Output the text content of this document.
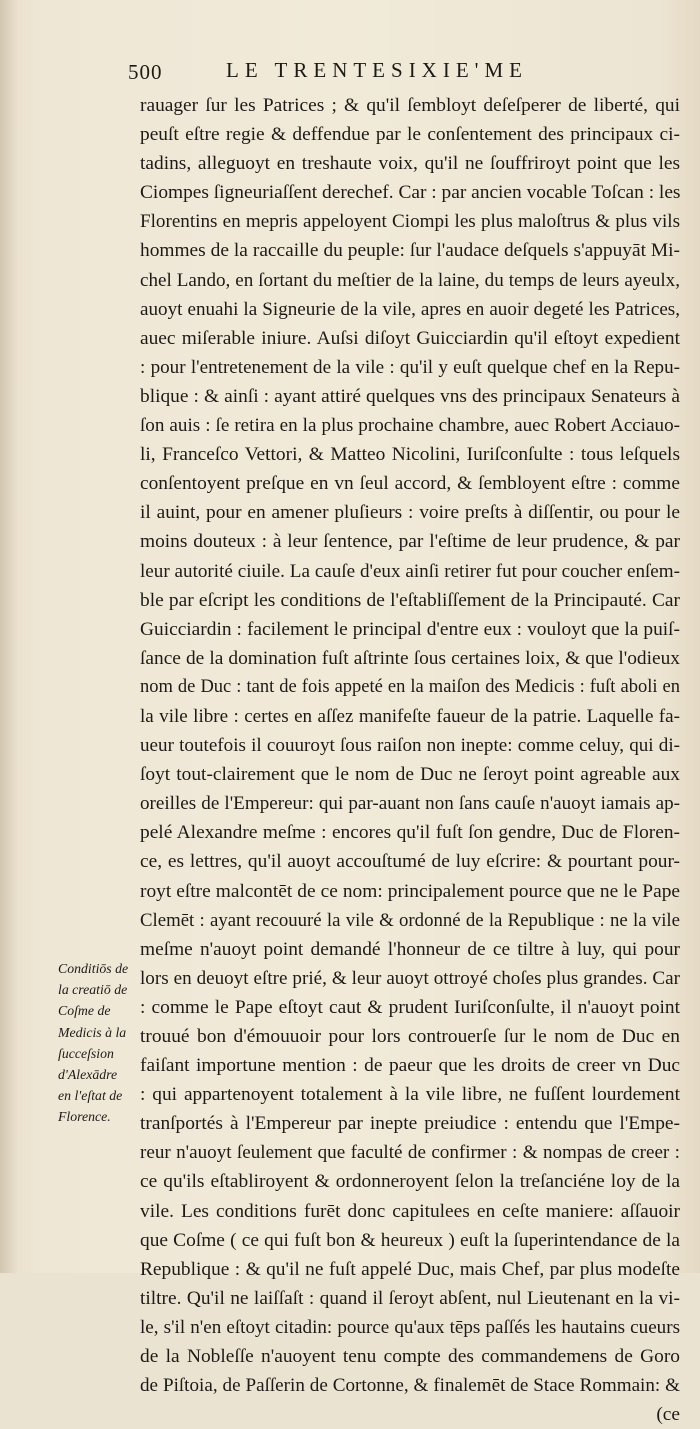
500	LE TRENTESIXIE'ME
rauager ſur les Patrices ; & qu'il ſembloyt deſeſperer de liberté, qui
peuſt eſtre regie & deffendue par le conſentement des principaux ci-
tadins, alleguoyt en treshaute voix, qu'il ne ſouffriroyt point que les
Ciompes ſigneuriaſſent derechef. Car : par ancien vocable Toſcan : les
Florentins en mepris appeloyent Ciompi les plus maloſtrus & plus vils
hommes de la raccaille du peuple: ſur l'audace deſquels s'appuyāt Mi-
chel Lando, en ſortant du meſtier de la laine, du temps de leurs ayeulx,
auoyt enuahi la Signeurie de la vile, apres en auoir degeté les Patrices,
auec miſerable iniure. Auſsi diſoyt Guicciardin qu'il eſtoyt expedient
: pour l'entretenement de la vile : qu'il y euſt quelque chef en la Repu-
blique : & ainſi : ayant attiré quelques vns des principaux Senateurs à
ſon auis : ſe retira en la plus prochaine chambre, auec Robert Acciauo-
li, Franceſco Vettori, & Matteo Nicolini, Iuriſconſulte : tous leſquels
conſentoyent preſque en vn ſeul accord, & ſembloyent eſtre : comme
il auint, pour en amener pluſieurs : voire preſts à diſſentir, ou pour le
moins douteux : à leur ſentence, par l'eſtime de leur prudence, & par
leur autorité ciuile. La cauſe d'eux ainſi retirer fut pour coucher enſem-
ble par eſcript les conditions de l'eſtabliſſement de la Principauté. Car
Guicciardin : facilement le principal d'entre eux : vouloyt que la puiſ-
ſance de la domination fuſt aſtrinte ſous certaines loix, & que l'odieux
nom de Duc : tant de fois appeté en la maiſon des Medicis : fuſt aboli en
la vile libre : certes en aſſez manifeſte faueur de la patrie. Laquelle fa-
ueur toutefois il couuroyt ſous raiſon non inepte: comme celuy, qui di-
ſoyt tout-clairement que le nom de Duc ne ſeroyt point agreable aux
oreilles de l'Empereur: qui par-auant non ſans cauſe n'auoyt iamais ap-
pelé Alexandre meſme : encores qu'il fuſt ſon gendre, Duc de Floren-
ce, es lettres, qu'il auoyt accouſtumé de luy eſcrire: & pourtant pour-
royt eſtre malcontēt de ce nom: principalement pource que ne le Pape
Clemēt : ayant recouuré la vile & ordonné de la Republique : ne la vile
meſme n'auoyt point demandé l'honneur de ce tiltre à luy, qui pour
lors en deuoyt eſtre prié, & leur auoyt ottroyé choſes plus grandes. Car
: comme le Pape eſtoyt caut & prudent Iuriſconſulte, il n'auoyt point
trouué bon d'émouuoir pour lors controuerſe ſur le nom de Duc en
faiſant importune mention : de paeur que les droits de creer vn Duc
: qui appartenoyent totalement à la vile libre, ne fuſſent lourdement
tranſportés à l'Empereur par inepte preiudice : entendu que l'Empe-
reur n'auoyt ſeulement que faculté de confirmer : & nompas de creer :
ce qu'ils eſtabliroyent & ordonneroyent ſelon la treſanciéne loy de la
vile. Les conditions furēt donc capitulees en ceſte maniere: aſſauoir
que Coſme ( ce qui fuſt bon & heureux ) euſt la ſuperintendance de la
Republique : & qu'il ne fuſt appelé Duc, mais Chef, par plus modeſte
tiltre. Qu'il ne laiſſaſt : quand il ſeroyt abſent, nul Lieutenant en la vi-
le, s'il n'en eſtoyt citadin: pource qu'aux tēps paſſés les hautains cueurs
de la Nobleſſe n'auoyent tenu compte des commandemens de Goro
de Piſtoia, de Paſſerin de Cortonne, & finalemēt de Stace Rommain: &
(ce
Conditiōs de
la creatiō de
Coſme de
Medicis à la
ſucceſsion
d'Alexādre
en l'eſtat de
Florence.
